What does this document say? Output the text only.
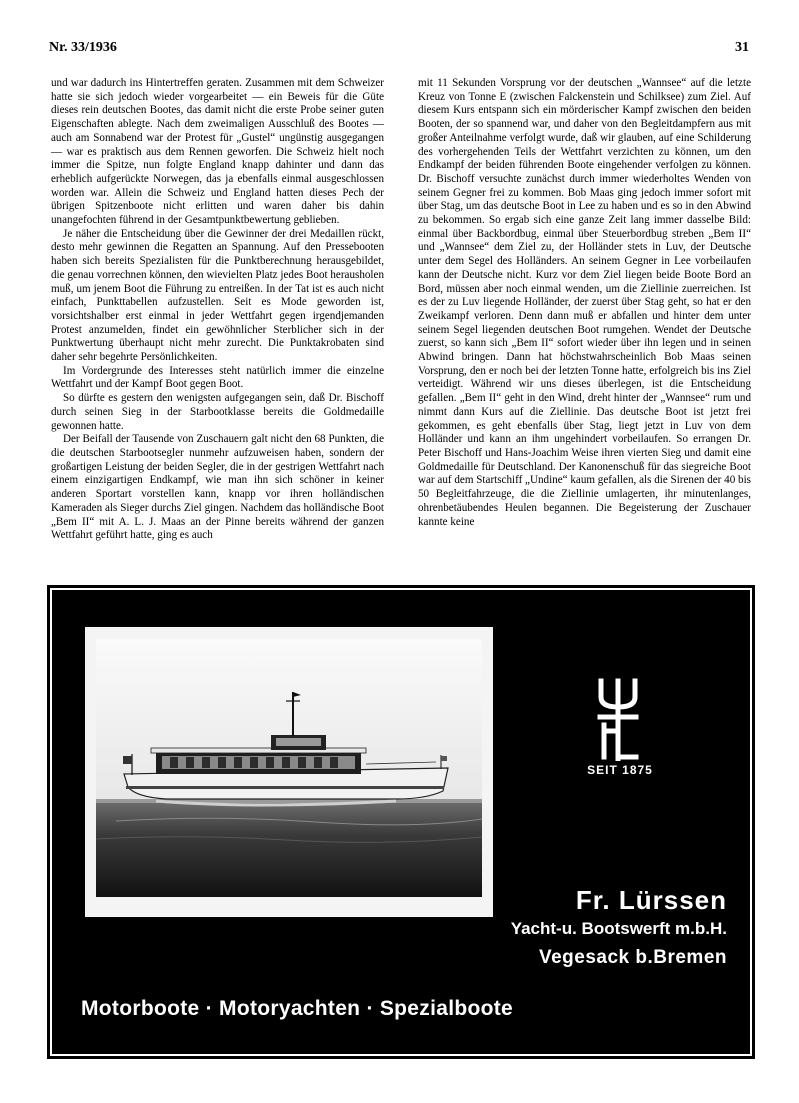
Nr. 33/1936	31

und war dadurch ins Hintertreffen geraten. Zusammen mit dem Schweizer hatte sie sich jedoch wieder vorgearbeitet — ein Beweis für die Güte dieses rein deutschen Bootes, das damit nicht die erste Probe seiner guten Eigenschaften ablegte. Nach dem zweimaligen Ausschluß des Bootes — auch am Sonnabend war der Protest für „Gustel“ ungünstig ausgegangen — war es praktisch aus dem Rennen geworfen. Die Schweiz hielt noch immer die Spitze, nun folgte England knapp dahinter und dann das erheblich aufgerückte Norwegen, das ja ebenfalls einmal ausgeschlossen worden war. Allein die Schweiz und England hatten dieses Pech der übrigen Spitzenboote nicht erlitten und waren daher bis dahin unangefochten führend in der Gesamtpunktbewertung geblieben.

Je näher die Entscheidung über die Gewinner der drei Medaillen rückt, desto mehr gewinnen die Regatten an Spannung. Auf den Pressebooten haben sich bereits Spezialisten für die Punktberechnung herausgebildet, die genau vorrechnen können, den wievielten Platz jedes Boot herausholen muß, um jenem Boot die Führung zu entreißen. In der Tat ist es auch nicht einfach, Punkttabellen aufzustellen. Seit es Mode geworden ist, vorsichtshalber erst einmal in jeder Wettfahrt gegen irgendjemanden Protest anzumelden, findet ein gewöhnlicher Sterblicher sich in der Punktwertung überhaupt nicht mehr zurecht. Die Punktakrobaten sind daher sehr begehrte Persönlichkeiten.

Im Vordergrunde des Interesses steht natürlich immer die einzelne Wettfahrt und der Kampf Boot gegen Boot.

So dürfte es gestern den wenigsten aufgegangen sein, daß Dr. Bischoff durch seinen Sieg in der Starbootklasse bereits die Goldmedaille gewonnen hatte.

Der Beifall der Tausende von Zuschauern galt nicht den 68 Punkten, die die deutschen Starbootsegler nunmehr aufzuweisen haben, sondern der großartigen Leistung der beiden Segler, die in der gestrigen Wettfahrt nach einem einzigartigen Endkampf, wie man ihn sich schöner in keiner anderen Sportart vorstellen kann, knapp vor ihren holländischen Kameraden als Sieger durchs Ziel gingen. Nachdem das holländische Boot „Bem II“ mit A. L. J. Maas an der Pinne bereits während der ganzen Wettfahrt geführt hatte, ging es auch

mit 11 Sekunden Vorsprung vor der deutschen „Wannsee“ auf die letzte Kreuz von Tonne E (zwischen Falckenstein und Schilksee) zum Ziel. Auf diesem Kurs entspann sich ein mörderischer Kampf zwischen den beiden Booten, der so spannend war, und daher von den Begleitdampfern aus mit großer Anteilnahme verfolgt wurde, daß wir glauben, auf eine Schilderung des vorhergehenden Teils der Wettfahrt verzichten zu können, um den Endkampf der beiden führenden Boote eingehender verfolgen zu können. Dr. Bischoff versuchte zunächst durch immer wiederholtes Wenden von seinem Gegner frei zu kommen. Bob Maas ging jedoch immer sofort mit über Stag, um das deutsche Boot in Lee zu haben und es so in den Abwind zu bekommen. So ergab sich eine ganze Zeit lang immer dasselbe Bild: einmal über Backbordbug, einmal über Steuerbordbug streben „Bem II“ und „Wannsee“ dem Ziel zu, der Holländer stets in Luv, der Deutsche unter dem Segel des Holländers. An seinem Gegner in Lee vorbeilaufen kann der Deutsche nicht. Kurz vor dem Ziel liegen beide Boote Bord an Bord, müssen aber noch einmal wenden, um die Ziellinie zuerreichen. Ist es der zu Luv liegende Holländer, der zuerst über Stag geht, so hat er den Zweikampf verloren. Denn dann muß er abfallen und hinter dem unter seinem Segel liegenden deutschen Boot rumgehen. Wendet der Deutsche zuerst, so kann sich „Bem II“ sofort wieder über ihn legen und in seinen Abwind bringen. Dann hat höchstwahrscheinlich Bob Maas seinen Vorsprung, den er noch bei der letzten Tonne hatte, erfolgreich bis ins Ziel verteidigt. Während wir uns dieses überlegen, ist die Entscheidung gefallen. „Bem II“ geht in den Wind, dreht hinter der „Wannsee“ rum und nimmt dann Kurs auf die Ziellinie. Das deutsche Boot ist jetzt frei gekommen, es geht ebenfalls über Stag, liegt jetzt in Luv von dem Holländer und kann an ihm ungehindert vorbeilaufen. So errangen Dr. Peter Bischoff und Hans-Joachim Weise ihren vierten Sieg und damit eine Goldmedaille für Deutschland. Der Kanonenschuß für das siegreiche Boot war auf dem Startschiff „Undine“ kaum gefallen, als die Sirenen der 40 bis 50 Begleitfahrzeuge, die die Ziellinie umlagerten, ihr minutenlanges, ohrenbetäubendes Heulen begannen. Die Begeisterung der Zuschauer kannte keine

SEIT 1875
Fr. Lürssen
Yacht-u. Bootswerft m.b.H.
Vegesack b.Bremen
Motorboote · Motoryachten · Spezialboote
